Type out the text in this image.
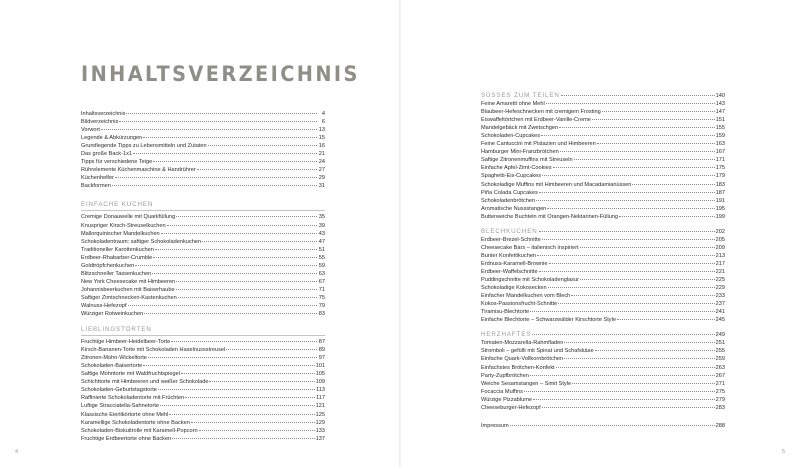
INHALTSVERZEICHNIS
Inhaltsverzeichnis	4
Bildverzeichnis	6
Vorwort	13
Legende & Abkürzungen	15
Grundlegende Tipps zu Lebensmitteln und Zutaten	16
Das große Back-1x1	21
Tipps für verschiedene Teige	24
Rührelemente Küchenmaschine & Handrührer	27
Küchenhelfer	29
Backformen	31
EINFACHE KUCHEN
Cremige Donauwelle mit Quarkfüllung	35
Knuspriger Kirsch-Streuselkuchen	39
Mallorquinischer Mandelkuchen	43
Schokoladentraum: saftiger Schokoladenkuchen	47
Traditioneller Karottenkuchen	51
Erdbeer-Rhabarber-Crumble	55
Goldtröpfchenkuchen	59
Blitzschneller Tassenkuchen	63
New York Cheesecake mit Himbeeren	67
Johannisbeerkuchen mit Baiserhaube	71
Saftiger Zimtschnecken-Kastenkuchen	75
Walnuss-Hefezopf	79
Würziger Rotweinkuchen	83
LIEBLINGSTORTEN
Fruchtige Himbeer-Heidelbeer-Torte	87
Kirsch-Bananen-Torte mit Schokoladen Haselnussstreusel	89
Zitronen-Mohn-Wickeltorte	97
Schokoladen-Baisertorte	101
Saftige Mohntorte mit Waldfruchtspiegel	105
Schichttorte mit Himbeeren und weißer Schokolade	109
Schokoladen-Geburtstagstorte	113
Raffinierte Schokoladentorte mit Früchten	117
Luftige Stracciatella-Sahnetorte	121
Klassische Eierlikörtorte ohne Mehl	125
Karamellige Schokoladentorte ohne Backen	129
Schokoladen-Biskuitrolle mit Karamell-Popcorn	133
Fruchtige Erdbeertorte ohne Backen	137
SÜSSES ZUM TEILEN	140
Feine Amaretti ohne Mehl	143
Blaubeer-Hefeschnecken mit cremigem Frosting	147
Eiswaffeltörtchen mit Erdbeer-Vanille-Creme	151
Mandelgebäck mit Zwetschgen	155
Schokoladen-Cupcakes	159
Feine Cantuccini mit Pistazien und Himbeeren	163
Hamburger Mini-Franzbrötchen	167
Saftige Zitronenmuffins mit Streuseln	171
Einfache Apfel-Zimt-Cookies	175
Spaghetti-Eis-Cupcakes	179
Schokoladige Muffins mit Himbeeren und Macadamianüssen	183
Piña Colada Cupcakes	187
Schokoladenbrötchen	191
Aromatische Nussstangen	195
Butterweiche Buchteln mit Orangen-Nektarinen-Füllung	199
BLECHKUCHEN	202
Erdbeer-Brezel-Schnitte	205
Cheesecake Bars – italienisch inspiriert	209
Bunter Konfettikuchen	213
Erdnuss-Karamell-Brownie	217
Erdbeer-Waffelschnitte	221
Puddingschnitte mit Schokoladenglasur	225
Schokoladige Kokosecken	229
Einfacher Mandelkuchen vom Blech	233
Kokos-Passionsfrucht-Schnitte	237
Tiramisu-Blechtorte	241
Einfache Blechtorte – Schwarzwälder Kirschtorte Style	245
HERZHAFTES	249
Tomaten-Mozzarella-Rahmfladen	251
Stromboli – gefüllt mit Spinat und Schafskäse	255
Einfache Quark-Vollkornbrötchen	259
Einfachstes Brötchen-Konfekt	263
Party-Zupfbrötchen	267
Weiche Sesamstangen – Simit Style	271
Focaccia Muffins	275
Würzige Pizzablume	279
Cheeseburger-Hefezopf	283
Impressum	288
4	5
